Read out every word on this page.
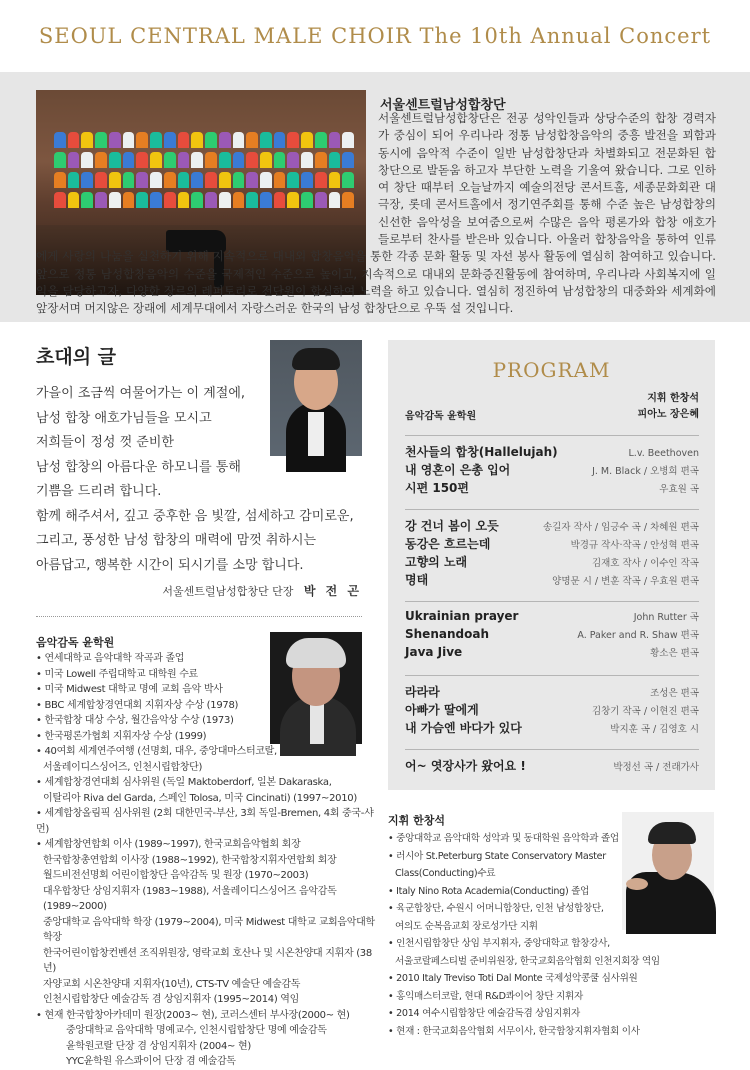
SEOUL CENTRAL MALE CHOIR The 10th Annual Concert
서울센트럴남성합창단
서울센트럴남성합창단은 전공 성악인들과 상당수준의 합창 경력자가 중심이 되어 우리나라 정통 남성합창음악의 중흥 발전을 꾀함과 동시에 음악적 수준이 일반 남성합창단과 차별화되고 전문화된 합창단으로 발돋움 하고자 부단한 노력을 기울여 왔습니다. 그로 인하여 창단 때부터 오늘날까지 예술의전당 콘서트홀, 세종문화회관 대극장, 롯데 콘서트홀에서 정기연주회를 통해 수준 높은 남성합창의 신선한 음악성을 보여줌으로써 수많은 음악 평론가와 합창 애호가들로부터 찬사를 받은바 있습니다. 아울러 합창음악을 통하여 인류에게 사랑의 나눔을 실천하기 위해 지속적으로 대내외 합창음악을 통한 각종 문화 활동 및 자선 봉사 활동에 열심히 참여하고 있습니다. 앞으로 정통 남성합창음악의 수준을 국제적인 수준으로 높이고, 지속적으로 대내외 문화증진활동에 참여하며, 우리나라 사회복지에 일익을 담당하고자, 다양한 장르의 레퍼토리로 전단원이 합심하여 노력을 하고 있습니다. 열심히 정진하여 남성합창의 대중화와 세계화에 앞장서며 머지않은 장래에 세계무대에서 자랑스러운 한국의 남성 합창단으로 우뚝 설 것입니다.
초대의 글
가을이 조금씩 여물어가는 이 계절에,
남성 합창 애호가님들을 모시고
저희들이 정성 껏 준비한
남성 합창의 아름다운 하모니를 통해
기쁨을 드리려 합니다.
함께 해주셔서, 깊고 중후한 음 빛깔, 섬세하고 감미로운,
그리고, 풍성한 남성 합창의 매력에 맘껏 취하시는
아름답고, 행복한 시간이 되시기를 소망 합니다.
서울센트럴남성합창단 단장 박 전 곤
음악감독 윤학원
• 연세대학교 음악대학 작곡과 졸업
• 미국 Lowell 주립대학교 대학원 수료
• 미국 Midwest 대학교 명예 교회 음악 박사
• BBC 세계합창경연대회 지휘자상 수상 (1978)
• 한국합창 대상 수상, 월간음악상 수상 (1973)
• 한국평론가협회 지휘자상 수상 (1999)
• 40여회 세계연주여행 (선명회, 대우, 중앙대마스터코랄,
서울레이디스싱어즈, 인천시립합창단)
• 세계합창경연대회 심사위원 (독일 Maktoberdorf, 일본 Dakaraska,
이탈리아 Riva del Garda, 스페인 Tolosa, 미국 Cincinati) (1997~2010)
• 세계합창올림픽 심사위원 (2회 대한민국-부산, 3회 독일-Bremen, 4회 중국-샤먼)
• 세계합창연합회 이사 (1989~1997), 한국교회음악협회 회장
한국합창총연합회 이사장 (1988~1992), 한국합창지휘자연합회 회장
월드비전선명회 어린이합창단 음악감독 및 원장 (1970~2003)
대우합창단 상임지휘자 (1983~1988), 서울레이디스싱어즈 음악감독 (1989~2000)
중앙대학교 음악대학 학장 (1979~2004), 미국 Midwest 대학교 교회음악대학 학장
한국어린이합창컨벤션 조직위원장, 영락교회 호산나 및 시온찬양대 지휘자 (38년)
자양교회 시온찬양대 지휘자(10년), CTS-TV 예술단 예술감독
인천시립합창단 예술감독 겸 상임지휘자 (1995~2014) 역임
• 현재 한국합창아카데미 원장(2003~ 현), 코러스센터 부사장(2000~ 현)
중앙대학교 음악대학 명예교수, 인천시립합창단 명예 예술감독
윤학원코랄 단장 겸 상임지휘자 (2004~ 현)
YYC윤학원 유스콰이어 단장 겸 예술감독
PROGRAM
음악감독 윤학원
지휘 한창석
피아노 장은혜
천사들의 합창(Hallelujah)	L.v. Beethoven
내 영혼이 은총 입어	J. M. Black / 오병희 편곡
시편 150편	우효원 곡
강 건너 봄이 오듯	송길자 작사 / 임긍수 곡 / 차혜원 편곡
동강은 흐르는데	박경규 작사·작곡 / 안성혁 편곡
고향의 노래	김재호 작사 / 이수인 작곡
명태	양명문 시 / 변훈 작곡 / 우효원 편곡
Ukrainian prayer	John Rutter 곡
Shenandoah	A. Paker and R. Shaw 편곡
Java Jive	황소은 편곡
라라라	조성은 편곡
아빠가 딸에게	김창기 작곡 / 이현진 편곡
내 가슴엔 바다가 있다	박지훈 곡 / 김영호 시
어~ 엿장사가 왔어요 !	박정선 곡 / 전래가사
지휘 한창석
• 중앙대학교 음악대학 성악과 및 동대학원 음악학과 졸업
• 러시아 St.Peterburg State Conservatory Master
Class(Conducting)수료
• Italy Nino Rota Academia(Conducting) 졸업
• 육군합창단, 수원시 어머니합창단, 인천 남성합창단,
여의도 순복음교회 장로성가단 지휘
• 인천시립합창단 상임 부지휘자, 중앙대학교 합창강사,
서울코랄페스티벌 준비위원장, 한국교회음악협회 인천지회장 역임
• 2010 Italy Treviso Toti Dal Monte 국제성악콩쿨 심사위원
• 홍익매스터코랄, 현대 R&D콰이어 창단 지휘자
• 2014 여수시립합창단 예술감독겸 상임지휘자
• 현재 : 한국교회음악협회 서무이사, 한국합창지휘자협회 이사
